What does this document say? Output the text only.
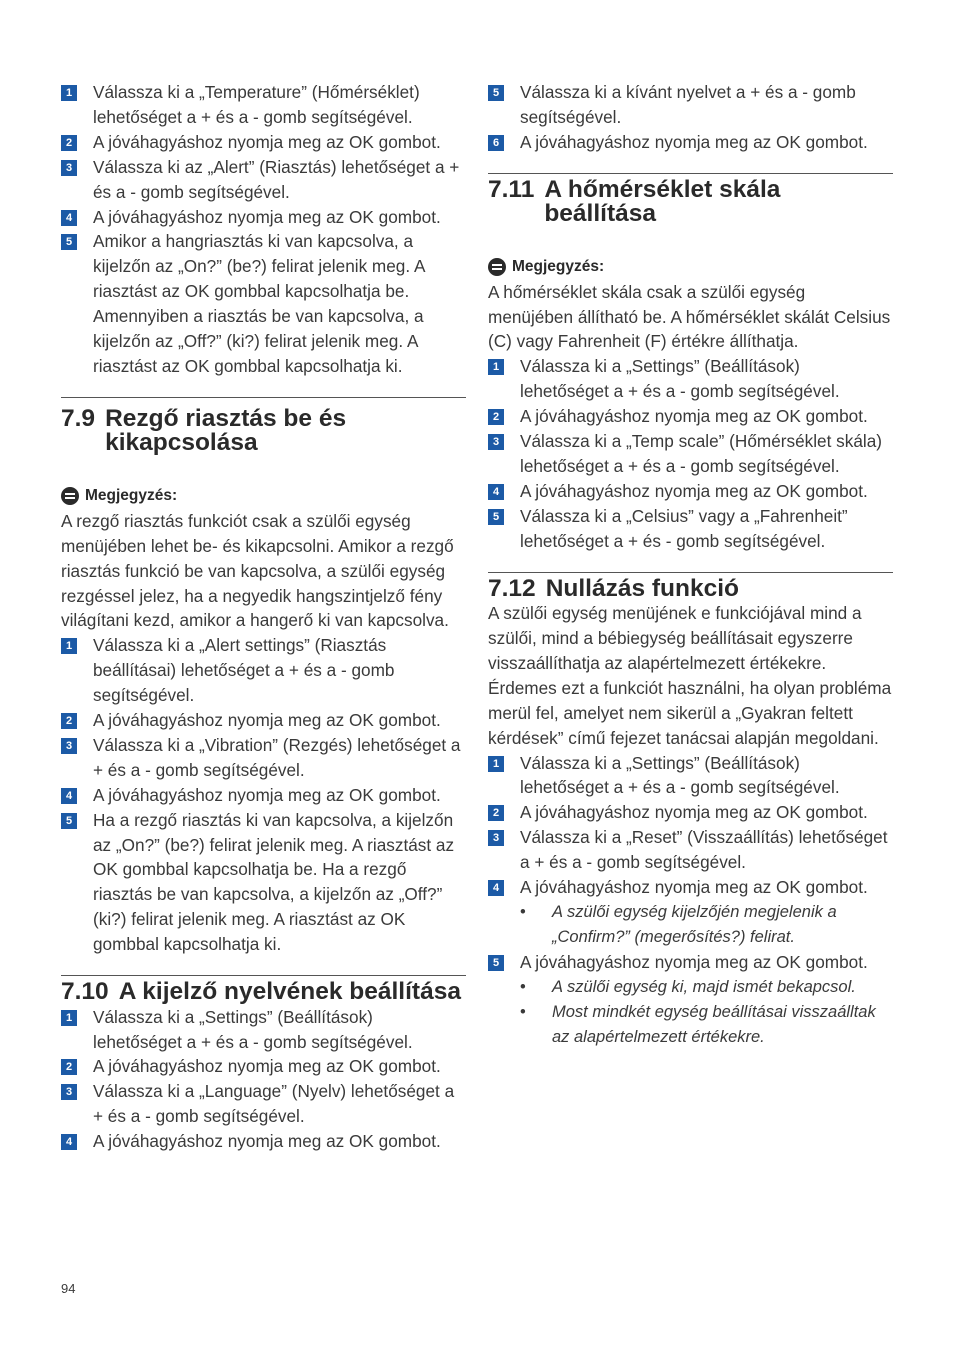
1 Válassza ki a „Temperature” (Hőmérséklet) lehetőséget a + és a - gomb segítségével.
2 A jóváhagyáshoz nyomja meg az OK gombot.
3 Válassza ki az „Alert” (Riasztás) lehetőséget a + és a - gomb segítségével.
4 A jóváhagyáshoz nyomja meg az OK gombot.
5 Amikor a hangriasztás ki van kapcsolva, a kijelzőn az „On?” (be?) felirat jelenik meg. A riasztást az OK gombbal kapcsolhatja be. Amennyiben a riasztás be van kapcsolva, a kijelzőn az „Off?” (ki?) felirat jelenik meg. A riasztást az OK gombbal kapcsolhatja ki.
7.9 Rezgő riasztás be és kikapcsolása
Megjegyzés:

A rezgő riasztás funkciót csak a szülői egység menüjében lehet be- és kikapcsolni. Amikor a rezgő riasztás funkció be van kapcsolva, a szülői egység rezgéssel jelez, ha a negyedik hangszintjelző fény világítani kezd, amikor a hangerő ki van kapcsolva.

1 Válassza ki a „Alert settings” (Riasztás beállításai) lehetőséget a + és a - gomb segítségével.
2 A jóváhagyáshoz nyomja meg az OK gombot.
3 Válassza ki a „Vibration” (Rezgés) lehetőséget a + és a - gomb segítségével.
4 A jóváhagyáshoz nyomja meg az OK gombot.
5 Ha a rezgő riasztás ki van kapcsolva, a kijelzőn az „On?” (be?) felirat jelenik meg. A riasztást az OK gombbal kapcsolhatja be. Ha a rezgő riasztás be van kapcsolva, a kijelzőn az „Off?” (ki?) felirat jelenik meg. A riasztást az OK gombbal kapcsolhatja ki.
7.10 A kijelző nyelvének beállítása
1 Válassza ki a „Settings” (Beállítások) lehetőséget a + és a - gomb segítségével.
2 A jóváhagyáshoz nyomja meg az OK gombot.
3 Válassza ki a „Language” (Nyelv) lehetőséget a + és a - gomb segítségével.
4 A jóváhagyáshoz nyomja meg az OK gombot.
5 Válassza ki a kívánt nyelvet a + és a - gomb segítségével.
6 A jóváhagyáshoz nyomja meg az OK gombot.
7.11 A hőmérséklet skála beállítása
Megjegyzés:

A hőmérséklet skála csak a szülői egység menüjében állítható be. A hőmérséklet skálát Celsius (C) vagy Fahrenheit (F) értékre állíthatja.

1 Válassza ki a „Settings” (Beállítások) lehetőséget a + és a - gomb segítségével.
2 A jóváhagyáshoz nyomja meg az OK gombot.
3 Válassza ki a „Temp scale” (Hőmérséklet skála) lehetőséget a + és a - gomb segítségével.
4 A jóváhagyáshoz nyomja meg az OK gombot.
5 Válassza ki a „Celsius” vagy a „Fahrenheit” lehetőséget a + és - gomb segítségével.
7.12 Nullázás funkció

A szülői egység menüjének e funkciójával mind a szülői, mind a bébiegység beállításait egyszerre visszaállíthatja az alapértelmezett értékekre. Érdemes ezt a funkciót használni, ha olyan probléma merül fel, amelyet nem sikerül a „Gyakran feltett kérdések” című fejezet tanácsai alapján megoldani.

1 Válassza ki a „Settings” (Beállítások) lehetőséget a + és a - gomb segítségével.
2 A jóváhagyáshoz nyomja meg az OK gombot.
3 Válassza ki a „Reset” (Visszaállítás) lehetőséget a + és a - gomb segítségével.
4 A jóváhagyáshoz nyomja meg az OK gombot.
•	A szülői egység kijelzőjén megjelenik a „Confirm?” (megerősítés?) felirat.
5 A jóváhagyáshoz nyomja meg az OK gombot.
•	A szülői egység ki, majd ismét bekapcsol.
•	Most mindkét egység beállításai visszaálltak az alapértelmezett értékekre.
94
